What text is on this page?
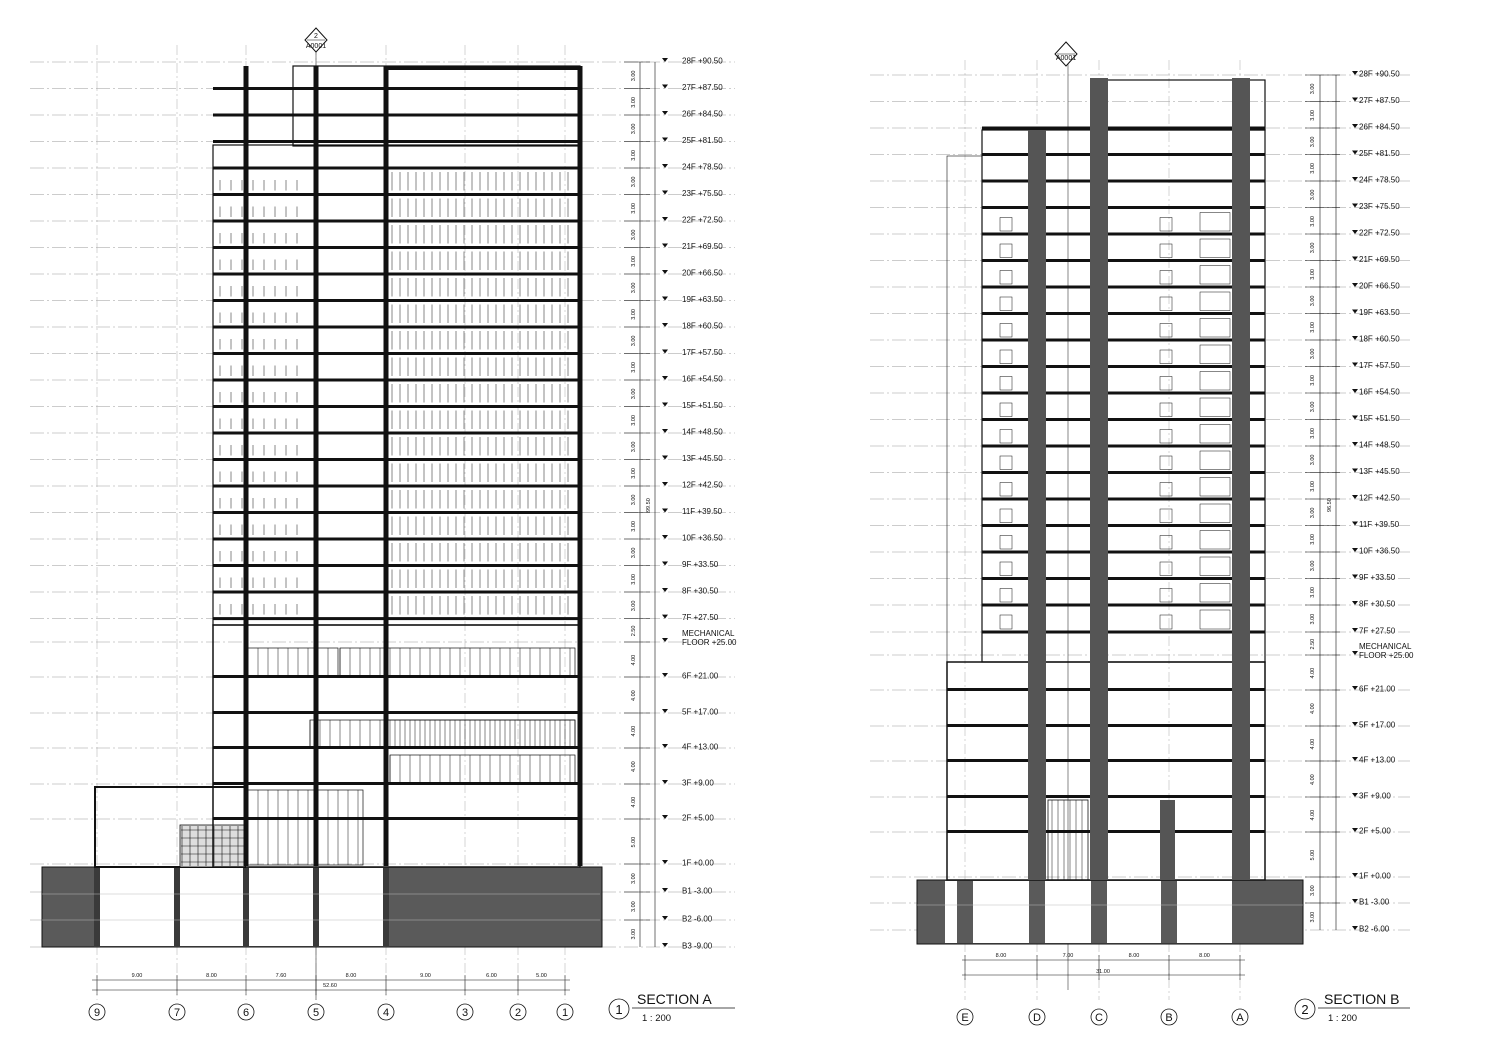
28F +90.50
3.00
27F +87.50
3.00
26F +84.50
3.00
25F +81.50
3.00
24F +78.50
3.00
23F +75.50
3.00
22F +72.50
3.00
21F +69.50
3.00
20F +66.50
3.00
19F +63.50
3.00
18F +60.50
3.00
17F +57.50
3.00
16F +54.50
3.00
15F +51.50
3.00
14F +48.50
3.00
13F +45.50
3.00
12F +42.50
3.00
11F +39.50
3.00
10F +36.50
3.00
9F +33.50
3.00
8F +30.50
3.00
7F +27.50
2.50	MECHANICAL
FLOOR +25.00
4.00
6F +21.00
4.00
5F +17.00
4.00
4F +13.00
4.00
3F +9.00
4.00
2F +5.00
5.00
1F +0.00
3.00
B1 -3.00
3.00
B2 -6.00
3.00
B3 -9.00
99.50
2
A0001
9.00	8.00	7.60	8.00	9.00	6.00	5.00
52.60
9	7	6	5	4	3	2	1	1
SECTION A
1 : 200
28F +90.50
3.00
27F +87.50
3.00
26F +84.50
3.00
25F +81.50
3.00
24F +78.50
3.00
23F +75.50
3.00
22F +72.50
3.00
21F +69.50
3.00
20F +66.50
3.00
19F +63.50
3.00
18F +60.50
3.00
17F +57.50
3.00
16F +54.50
3.00
15F +51.50
3.00
14F +48.50
3.00
13F +45.50
3.00
12F +42.50
3.00
11F +39.50
3.00
10F +36.50
3.00
9F +33.50
3.00
8F +30.50
3.00
7F +27.50
2.50	MECHANICAL
FLOOR +25.00
4.00
6F +21.00
4.00
5F +17.00
4.00
4F +13.00
4.00
3F +9.00
4.00
2F +5.00
5.00
1F +0.00
3.00
B1 -3.00
3.00
B2 -6.00
96.50
A0001
8.00	7.00	8.00	8.00
31.00
E	D	C	B	A
2
SECTION B
1 : 200
